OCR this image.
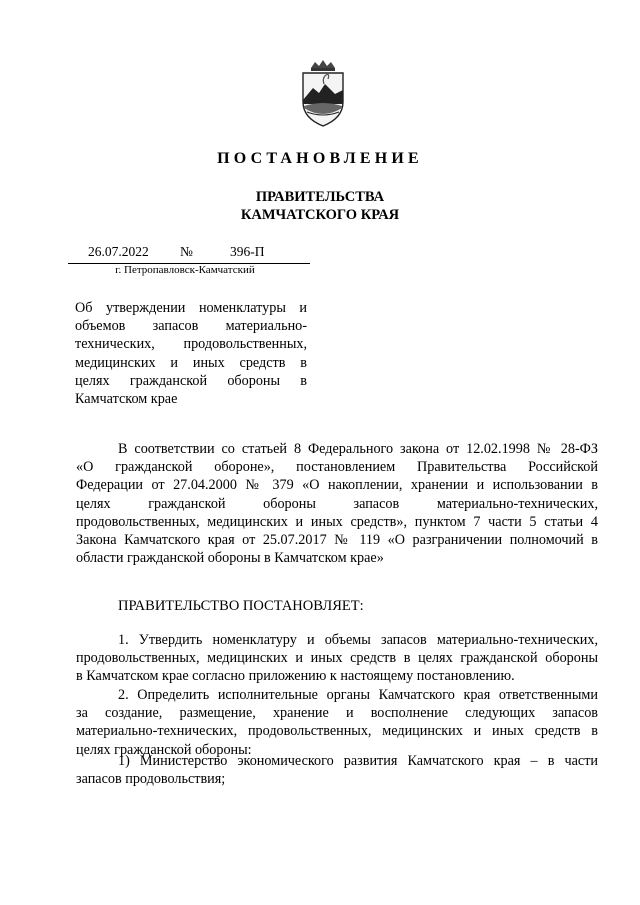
ПОСТАНОВЛЕНИЕ
ПРАВИТЕЛЬСТВА
КАМЧАТСКОГО КРАЯ
26.07.2022 №	396-П
г. Петропавловск-Камчатский
Об утверждении номенклатуры и
объемов запасов материально-
технических, продовольственных,
медицинских и иных средств в
целях гражданской обороны в
Камчатском крае
В соответствии со статьей 8 Федерального закона от 12.02.1998 № 28-ФЗ
«О гражданской обороне», постановлением Правительства Российской
Федерации от 27.04.2000 № 379 «О накоплении, хранении и использовании в
целях гражданской обороны запасов материально-технических,
продовольственных, медицинских и иных средств», пунктом 7 части 5 статьи 4
Закона Камчатского края от 25.07.2017 № 119 «О разграничении полномочий в
области гражданской обороны в Камчатском крае»
ПРАВИТЕЛЬСТВО ПОСТАНОВЛЯЕТ:
1. Утвердить номенклатуру и объемы запасов материально-технических,
продовольственных, медицинских и иных средств в целях гражданской обороны
в Камчатском крае согласно приложению к настоящему постановлению.
2. Определить исполнительные органы Камчатского края ответственными
за создание, размещение, хранение и восполнение следующих запасов
материально-технических, продовольственных, медицинских и иных средств в
целях гражданской обороны:
1) Министерство экономического развития Камчатского края – в части
запасов продовольствия;
